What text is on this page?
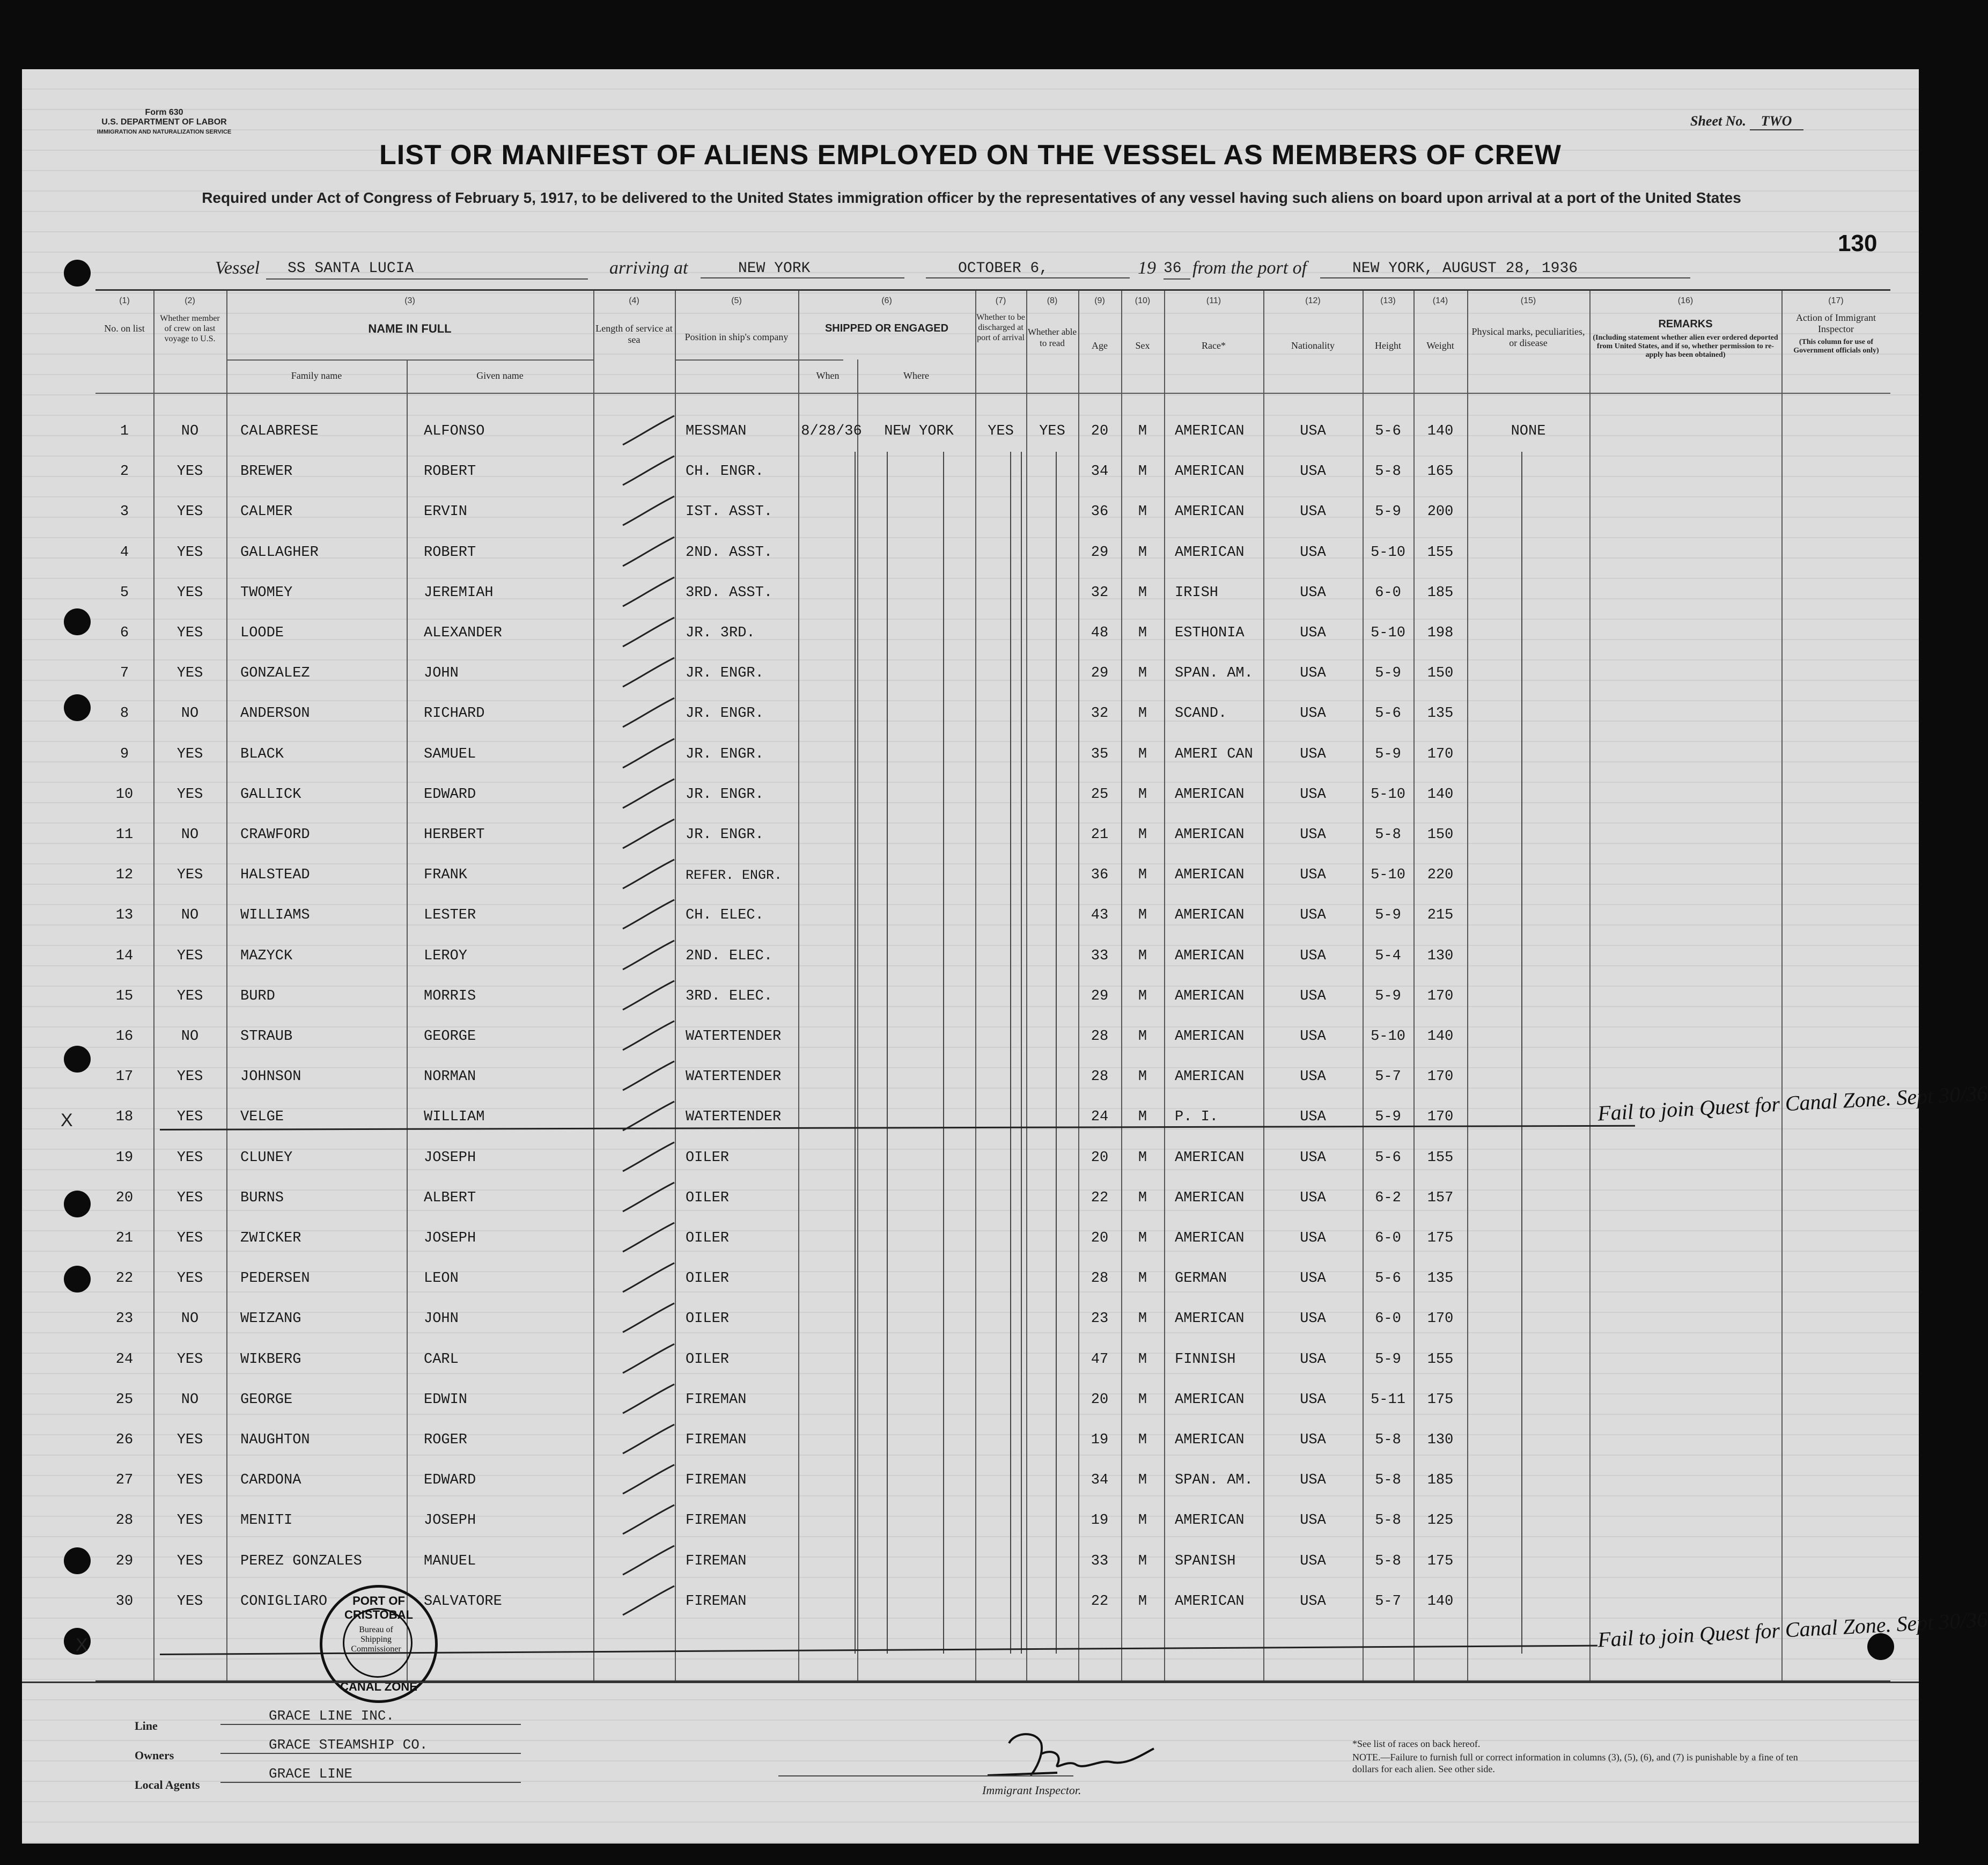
Form 630
U.S. DEPARTMENT OF LABOR
IMMIGRATION AND NATURALIZATION SERVICE
Sheet No. TWO
LIST OR MANIFEST OF ALIENS EMPLOYED ON THE VESSEL AS MEMBERS OF CREW
Required under Act of Congress of February 5, 1917, to be delivered to the United States immigration officer by the representatives of any vessel having such aliens on board upon arrival at a port of the United States
130
Vessel	SS SANTA LUCIA	arriving at	NEW YORK	OCTOBER 6,	19 36 from the port of	NEW YORK, AUGUST 28, 1936
(1)	(2)	(3)	(4)	(5)	(6)	(7)	(8)	(9)	(10)	(11)	(12)	(13)	(14)	(15)	(16)	(17)
No. on list
Whether member of crew on last voyage to U.S.
NAME IN FULL
Family name	Given name
Length of service at sea	Position in ship's company
SHIPPED OR ENGAGED
When	Where
Whether to be discharged at port of arrival
Whether able to read	Age	Sex	Race*	Nationality	Height	Weight
Physical marks, peculiarities, or disease
REMARKS
(Including statement whether alien ever ordered deported from United States, and if so, whether permission to re-apply has been obtained)
Action of Immigrant Inspector
(This column for use of Government officials only)
1	NO	CALABRESE	ALFONSO	MESSMAN	8/28/36	NEW YORK	YES	YES	20	M	AMERICAN	USA	5-6	140	NONE
2	YES	BREWER	ROBERT	CH. ENGR.	34	M	AMERICAN	USA	5-8	165
3	YES	CALMER	ERVIN	IST. ASST.	36	M	AMERICAN	USA	5-9	200
4	YES	GALLAGHER	ROBERT	2ND. ASST.	29	M	AMERICAN	USA	5-10	155
5	YES	TWOMEY	JEREMIAH	3RD. ASST.	32	M	IRISH	USA	6-0	185
6	YES	LOODE	ALEXANDER	JR. 3RD.	48	M	ESTHONIA	USA	5-10	198
7	YES	GONZALEZ	JOHN	JR. ENGR.	29	M	SPAN. AM.	USA	5-9	150
8	NO	ANDERSON	RICHARD	JR. ENGR.	32	M	SCAND.	USA	5-6	135
9	YES	BLACK	SAMUEL	JR. ENGR.	35	M	AMERI CAN	USA	5-9	170
10	YES	GALLICK	EDWARD	JR. ENGR.	25	M	AMERICAN	USA	5-10	140
11	NO	CRAWFORD	HERBERT	JR. ENGR.	21	M	AMERICAN	USA	5-8	150
12	YES	HALSTEAD	FRANK	REFER. ENGR.	36	M	AMERICAN	USA	5-10	220
13	NO	WILLIAMS	LESTER	CH. ELEC.	43	M	AMERICAN	USA	5-9	215
14	YES	MAZYCK	LEROY	2ND. ELEC.	33	M	AMERICAN	USA	5-4	130
15	YES	BURD	MORRIS	3RD. ELEC.	29	M	AMERICAN	USA	5-9	170
16	NO	STRAUB	GEORGE	WATERTENDER	28	M	AMERICAN	USA	5-10	140
17	YES	JOHNSON	NORMAN	WATERTENDER	28	M	AMERICAN	USA	5-7	170
18	YES	VELGE	WILLIAM	WATERTENDER	24	M	P. I.	USA	5-9	170
19	YES	CLUNEY	JOSEPH	OILER	20	M	AMERICAN	USA	5-6	155
20	YES	BURNS	ALBERT	OILER	22	M	AMERICAN	USA	6-2	157
21	YES	ZWICKER	JOSEPH	OILER	20	M	AMERICAN	USA	6-0	175
22	YES	PEDERSEN	LEON	OILER	28	M	GERMAN	USA	5-6	135
23	NO	WEIZANG	JOHN	OILER	23	M	AMERICAN	USA	6-0	170
24	YES	WIKBERG	CARL	OILER	47	M	FINNISH	USA	5-9	155
25	NO	GEORGE	EDWIN	FIREMAN	20	M	AMERICAN	USA	5-11	175
26	YES	NAUGHTON	ROGER	FIREMAN	19	M	AMERICAN	USA	5-8	130
27	YES	CARDONA	EDWARD	FIREMAN	34	M	SPAN. AM.	USA	5-8	185
28	YES	MENITI	JOSEPH	FIREMAN	19	M	AMERICAN	USA	5-8	125
29	YES	PEREZ GONZALES	MANUEL	FIREMAN	33	M	SPANISH	USA	5-8	175
30	YES	CONIGLIARO	SALVATORE	FIREMAN	22	M	AMERICAN	USA	5-7	140
Fail to join Quest for Canal Zone. Sept 30/36
Fail to join Quest for Canal Zone. Sept 30/36
X
X
PORT OF CRISTOBAL
Bureau of Shipping Commissioner
CANAL ZONE
Line
GRACE LINE INC.
Owners
GRACE STEAMSHIP CO.
Local Agents
GRACE LINE
Immigrant Inspector.
*See list of races on back hereof.
NOTE.—Failure to furnish full or correct information in columns (3), (5), (6), and (7) is punishable by a fine of ten dollars for each alien. See other side.
